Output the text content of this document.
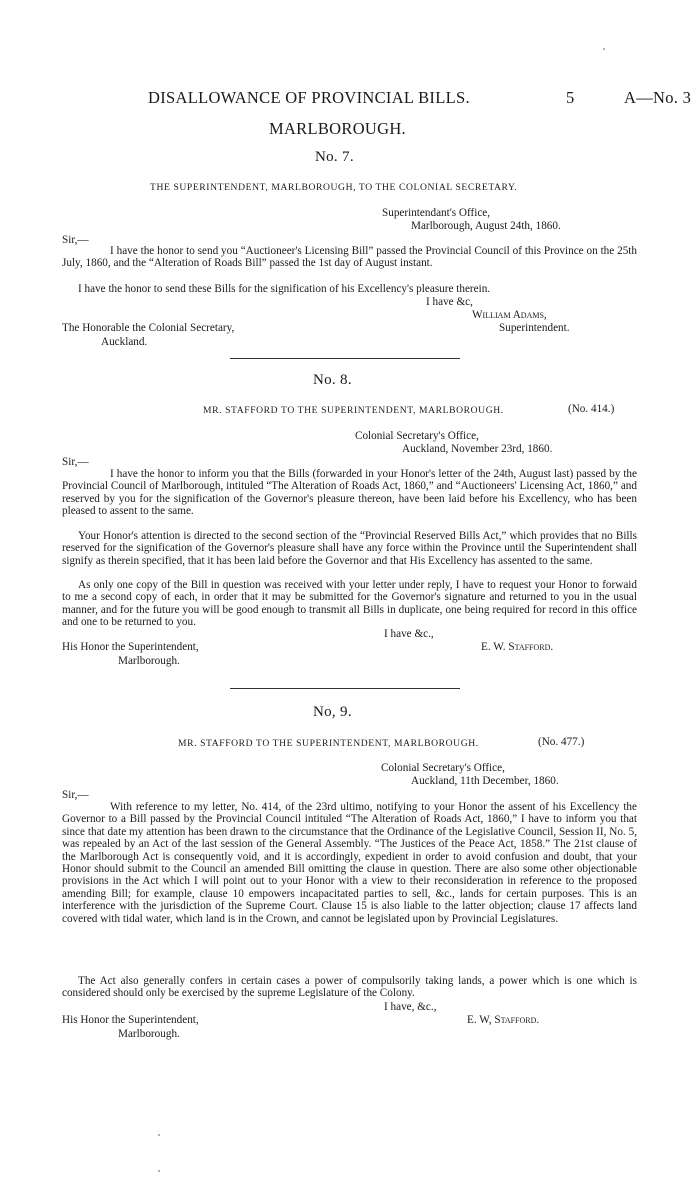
DISALLOWANCE OF PROVINCIAL BILLS.	5	A—No. 3
MARLBOROUGH.
No. 7.
THE SUPERINTENDENT, MARLBOROUGH, TO THE COLONIAL SECRETARY.
Superintendant's Office,
Marlborough, August 24th, 1860.
Sir,—
I have the honor to send you “Auctioneer's Licensing Bill” passed the Provincial Council of this Province on the 25th July, 1860, and the “Alteration of Roads Bill” passed the 1st day of August instant.
I have the honor to send these Bills for the signification of his Excellency's pleasure therein.
I have &c,
William Adams,
Superintendent.
The Honorable the Colonial Secretary,
Auckland.
No. 8.
MR. STAFFORD TO THE SUPERINTENDENT, MARLBOROUGH.	(No. 414.)
Colonial Secretary's Office,
Auckland, November 23rd, 1860.
Sir,—
I have the honor to inform you that the Bills (forwarded in your Honor's letter of the 24th, August last) passed by the Provincial Council of Marlborough, intituled “The Alteration of Roads Act, 1860,” and “Auctioneers' Licensing Act, 1860,” and reserved by you for the signification of the Governor's pleasure thereon, have been laid before his Excellency, who has been pleased to assent to the same.
Your Honor's attention is directed to the second section of the “Provincial Reserved Bills Act,” which provides that no Bills reserved for the signification of the Governor's pleasure shall have any force within the Province until the Superintendent shall signify as therein specified, that it has been laid before the Governor and that His Excellency has assented to the same.
As only one copy of the Bill in question was received with your letter under reply, I have to request your Honor to forwaid to me a second copy of each, in order that it may be submitted for the Governor's signature and returned to you in the usual manner, and for the future you will be good enough to transmit all Bills in duplicate, one being required for record in this office and one to be returned to you.
I have &c.,
E. W. Stafford.
His Honor the Superintendent,
Marlborough.
No, 9.
MR. STAFFORD TO THE SUPERINTENDENT, MARLBOROUGH.	(No. 477.)
Colonial Secretary's Office,
Auckland, 11th December, 1860.
Sir,—
With reference to my letter, No. 414, of the 23rd ultimo, notifying to your Honor the assent of his Excellency the Governor to a Bill passed by the Provincial Council intituled “The Alteration of Roads Act, 1860,” I have to inform you that since that date my attention has been drawn to the circumstance that the Ordinance of the Legislative Council, Session II, No. 5, was repealed by an Act of the last session of the General Assembly. “The Justices of the Peace Act, 1858.” The 21st clause of the Marlborough Act is consequently void, and it is accordingly, expedient in order to avoid confusion and doubt, that your Honor should submit to the Council an amended Bill omitting the clause in question. There are also some other objectionable provisions in the Act which I will point out to your Honor with a view to their reconsideration in reference to the proposed amending Bill; for example, clause 10 empowers incapacitated parties to sell, &c., lands for certain purposes. This is an interference with the jurisdiction of the Supreme Court. Clause 15 is also liable to the latter objection; clause 17 affects land covered with tidal water, which land is in the Crown, and cannot be legislated upon by Provincial Legislatures.
The Act also generally confers in certain cases a power of compulsorily taking lands, a power which is one which is considered should only be exercised by the supreme Legislature of the Colony.
I have, &c.,
E. W, Stafford.
His Honor the Superintendent,
Marlborough.
